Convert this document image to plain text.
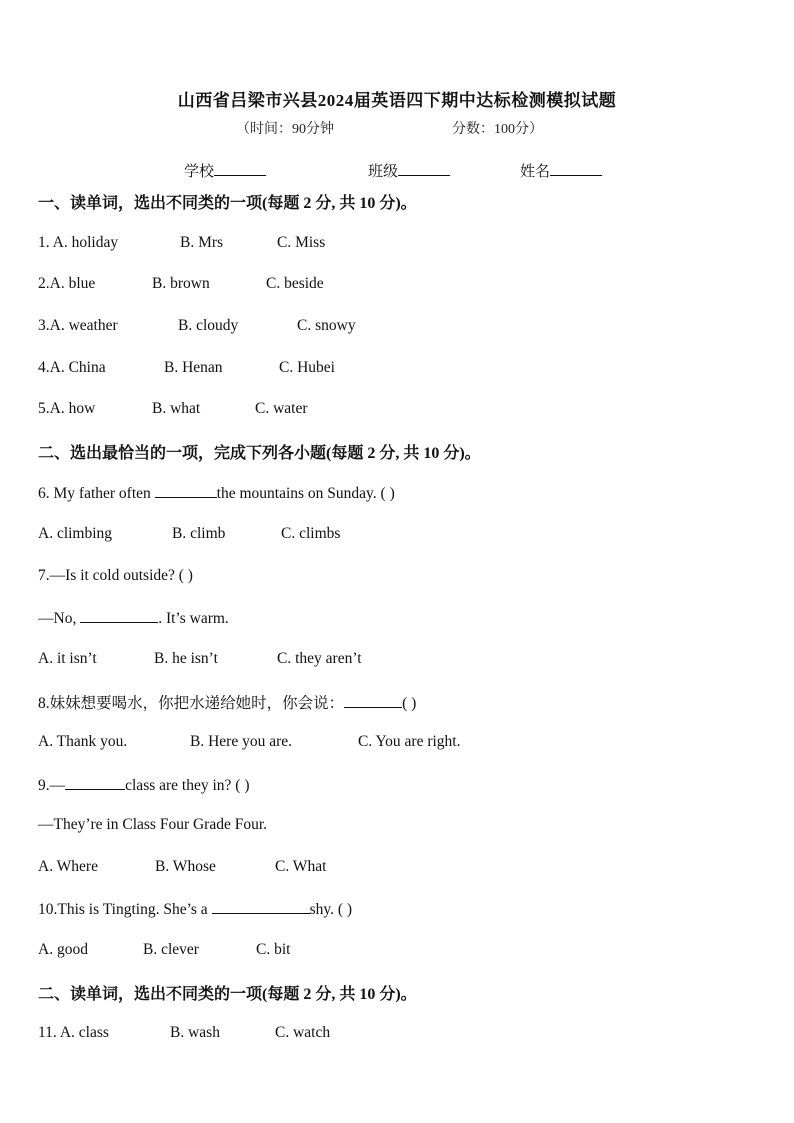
山西省吕梁市兴县2024届英语四下期中达标检测模拟试题
（时间：90分钟	分数：100分）
学校	班级	姓名
一、读单词，选出不同类的一项(每题 2 分, 共 10 分)。
1. A. holiday	B. Mrs	C. Miss
2.A. blue	B. brown	C. beside
3.A. weather	B. cloudy	C. snowy
4.A. China	B. Henan	C. Hubei
5.A. how	B. what	C. water
二、选出最恰当的一项，完成下列各小题(每题 2 分, 共 10 分)。
6. My father often	the mountains on Sunday. ( )
A. climbing	B. climb	C. climbs
7.—Is it cold outside? ( )
—No,	. It’s warm.
A. it isn’t	B. he isn’t	C. they aren’t
8.妹妹想要喝水，你把水递给她时，你会说：	( )
A. Thank you.	B. Here you are.	C. You are right.
9.—	class are they in? ( )
—They’re in Class Four Grade Four.
A. Where	B. Whose	C. What
10.This is Tingting. She’s a	shy. ( )
A. good	B. clever	C. bit
二、读单词，选出不同类的一项(每题 2 分, 共 10 分)。
11. A. class	B. wash	C. watch
